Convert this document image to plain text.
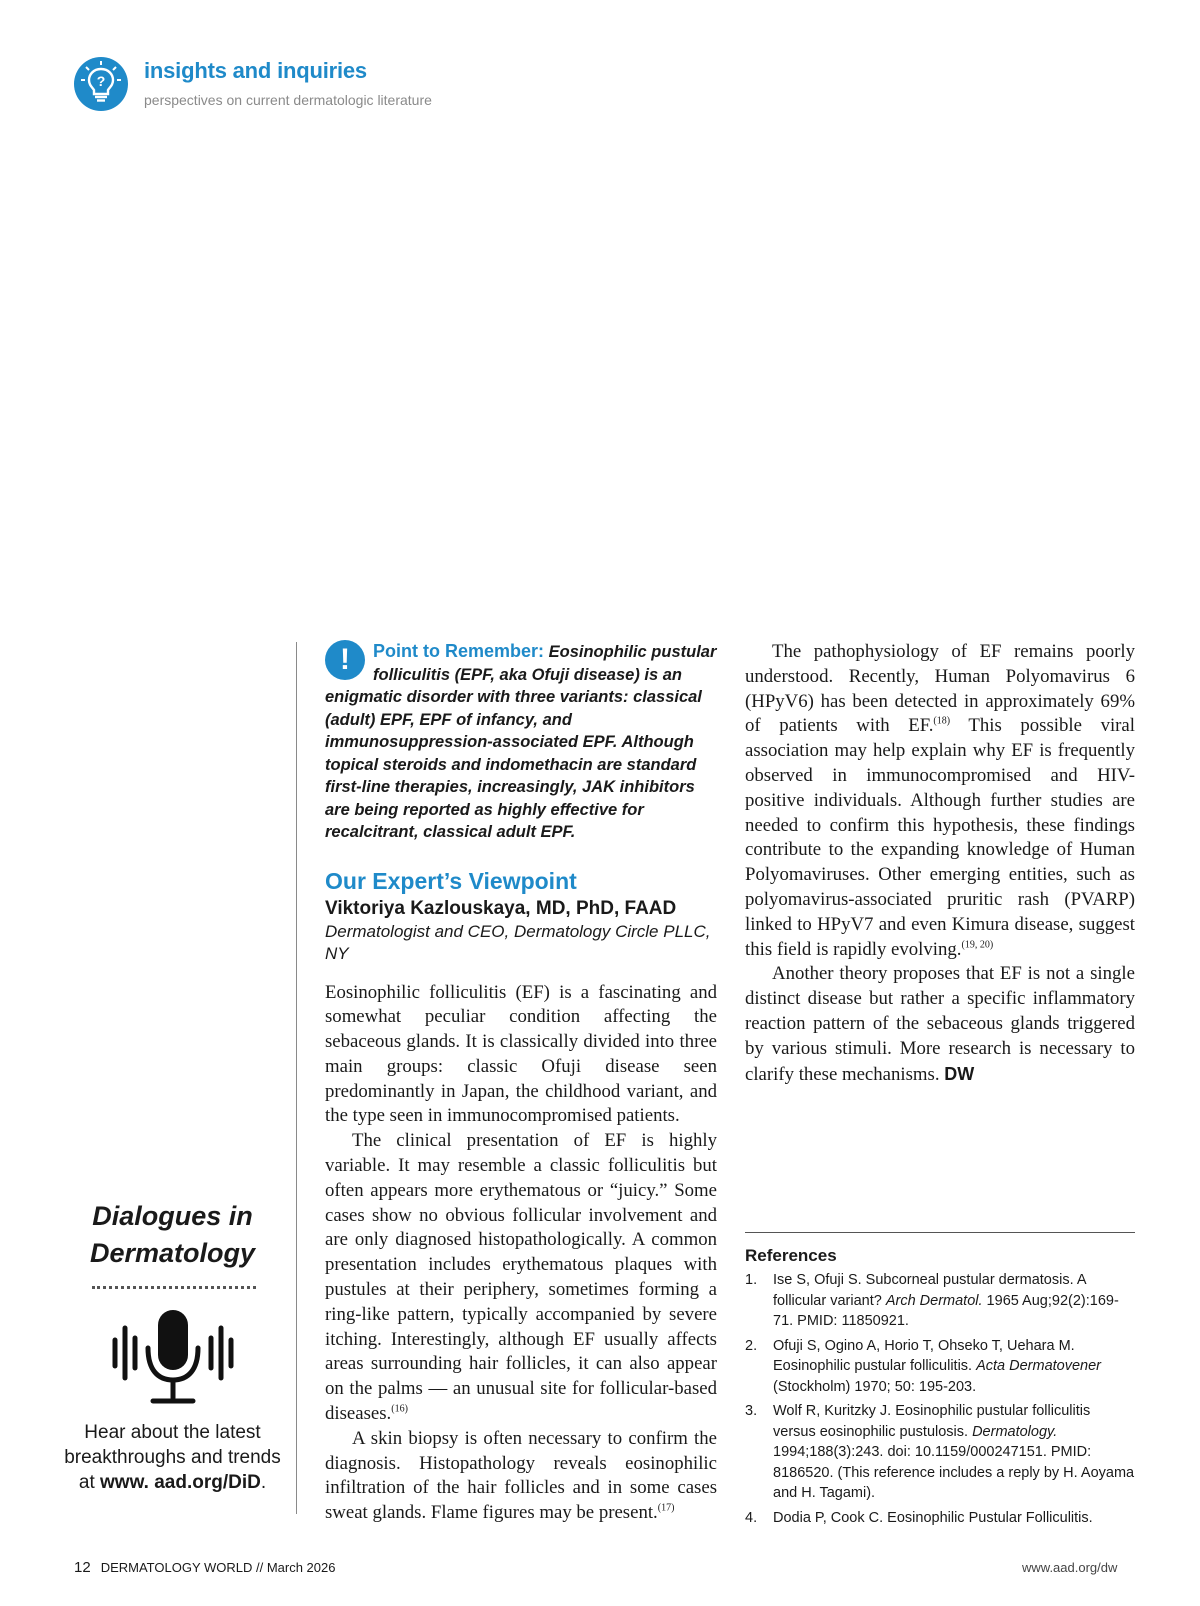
? insights and inquiries
perspectives on current dermatologic literature
Dialogues in Dermatology
Hear about the latest breakthroughs and trends at www. aad.org/DiD.
!	Point to Remember: Eosinophilic pustular folliculitis (EPF, aka Ofuji disease) is an enigmatic disorder with three variants: classical (adult) EPF, EPF of infancy, and immunosuppression-associated EPF. Although topical steroids and indomethacin are standard first-line therapies, increasingly, JAK inhibitors are being reported as highly effective for recalcitrant, classical adult EPF.
Our Expert’s Viewpoint
Viktoriya Kazlouskaya, MD, PhD, FAAD
Dermatologist and CEO, Dermatology Circle PLLC, NY

Eosinophilic folliculitis (EF) is a fascinating and somewhat peculiar condition affecting the sebaceous glands. It is classically divided into three main groups: classic Ofuji disease seen predominantly in Japan, the childhood variant, and the type seen in immunocompromised patients.

The clinical presentation of EF is highly variable. It may resemble a classic folliculitis but often appears more erythematous or “juicy.” Some cases show no obvious follicular involvement and are only diagnosed histopathologically. A common presentation includes erythematous plaques with pustules at their periphery, sometimes forming a ring-like pattern, typically accompanied by severe itching. Interestingly, although EF usually affects areas surrounding hair follicles, it can also appear on the palms — an unusual site for follicular-based diseases.$^{(16)}$

A skin biopsy is often necessary to confirm the diagnosis. Histopathology reveals eosinophilic infiltration of the hair follicles and in some cases sweat glands. Flame figures may be present.$^{(17)}$

The pathophysiology of EF remains poorly understood. Recently, Human Polyomavirus 6 (HPyV6) has been detected in approximately 69% of patients with EF.$^{(18)}$ This possible viral association may help explain why EF is frequently observed in immunocompromised and HIV-positive individuals. Although further studies are needed to confirm this hypothesis, these findings contribute to the expanding knowledge of Human Polyomaviruses. Other emerging entities, such as polyomavirus-associated pruritic rash (PVARP) linked to HPyV7 and even Kimura disease, suggest this field is rapidly evolving.$^{(19, 20)}$

Another theory proposes that EF is not a single distinct disease but rather a specific inflammatory reaction pattern of the sebaceous glands triggered by various stimuli. More research is necessary to clarify these mechanisms. DW

References
1. Ise S, Ofuji S. Subcorneal pustular dermatosis. A follicular variant? Arch Dermatol. 1965 Aug;92(2):169-71. PMID: 11850921.
2. Ofuji S, Ogino A, Horio T, Ohseko T, Uehara M. Eosinophilic pustular folliculitis. Acta Dermatovener (Stockholm) 1970; 50: 195-203.
3. Wolf R, Kuritzky J. Eosinophilic pustular folliculitis versus eosinophilic pustulosis. Dermatology. 1994;188(3):243. doi: 10.1159/000247151. PMID: 8186520. (This reference includes a reply by H. Aoyama and H. Tagami).
4. Dodia P, Cook C. Eosinophilic Pustular Folliculitis.
12 DERMATOLOGY WORLD // March 2026	www.aad.org/dw
